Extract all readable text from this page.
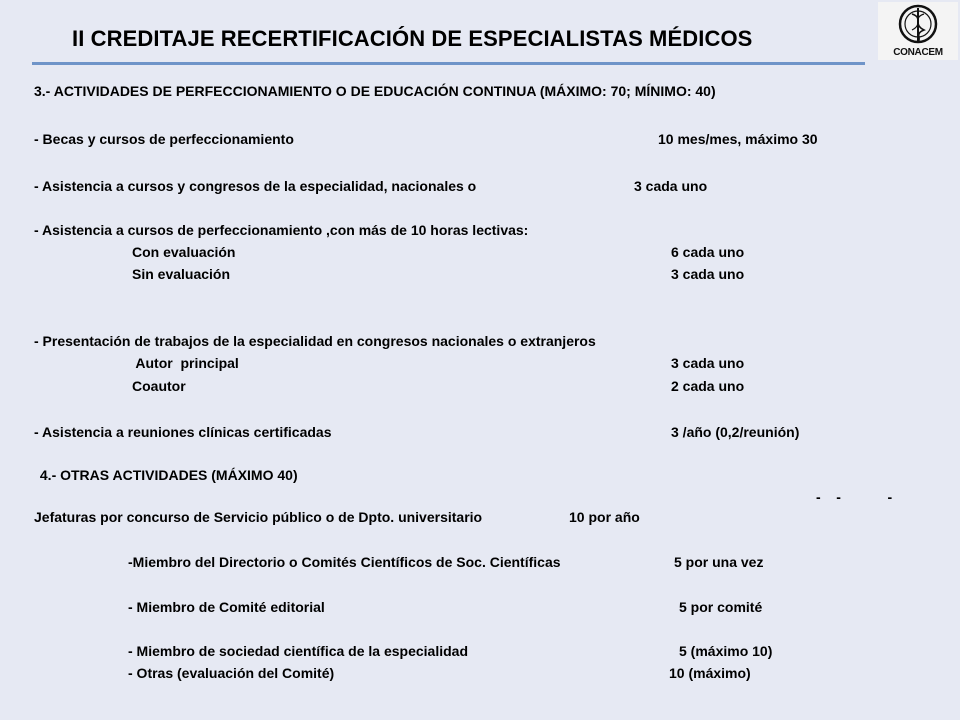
II CREDITAJE RECERTIFICACIÓN DE ESPECIALISTAS MÉDICOS
CONACEM
3.- ACTIVIDADES DE PERFECCIONAMIENTO O DE EDUCACIÓN CONTINUA (MÁXIMO: 70; MÍNIMO: 40)
- Becas y cursos de perfeccionamiento	10 mes/mes, máximo 30
- Asistencia a cursos y congresos de la especialidad, nacionales o	3 cada uno
- Asistencia a cursos de perfeccionamiento ,con más de 10 horas lectivas:
Con evaluación	6 cada uno
Sin evaluación	3 cada uno
- Presentación de trabajos de la especialidad en congresos nacionales o extranjeros
Autor  principal	3 cada uno
Coautor	2 cada uno
- Asistencia a reuniones clínicas certificadas	3 /año (0,2/reunión)
4.- OTRAS ACTIVIDADES (MÁXIMO 40)
-    -            -
Jefaturas por concurso de Servicio público o de Dpto. universitario	10 por año
-Miembro del Directorio o Comités Científicos de Soc. Científicas	5 por una vez
- Miembro de Comité editorial	5 por comité
- Miembro de sociedad científica de la especialidad	5 (máximo 10)
- Otras (evaluación del Comité)	10 (máximo)
